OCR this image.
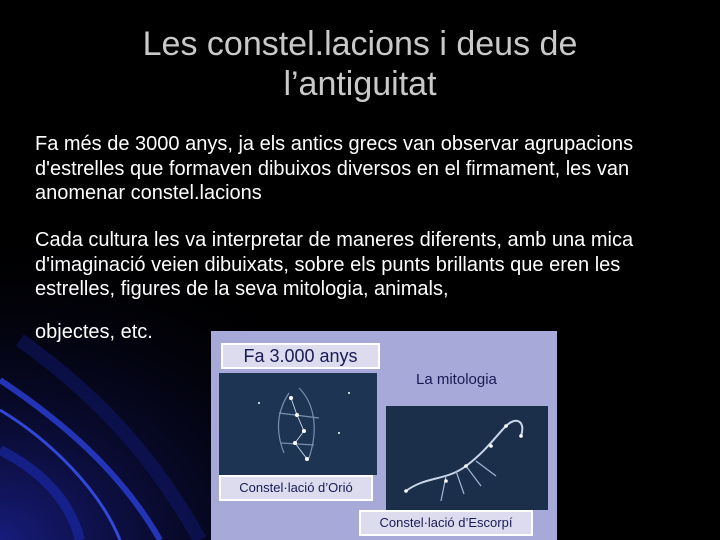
Les constel.lacions i deus de
l’antiguitat
Fa més de 3000 anys, ja els antics grecs van observar agrupacions d'estrelles que formaven dibuixos diversos en el firmament, les van anomenar constel.lacions
Cada cultura les va interpretar de maneres diferents, amb una mica d'imaginació veien dibuixats, sobre els punts brillants que eren les estrelles, figures de la seva mitologia, animals,
objectes, etc.
Fa 3.000 anys
La mitologia
Constel·lació d’Orió
Constel·lació d’Escorpí
